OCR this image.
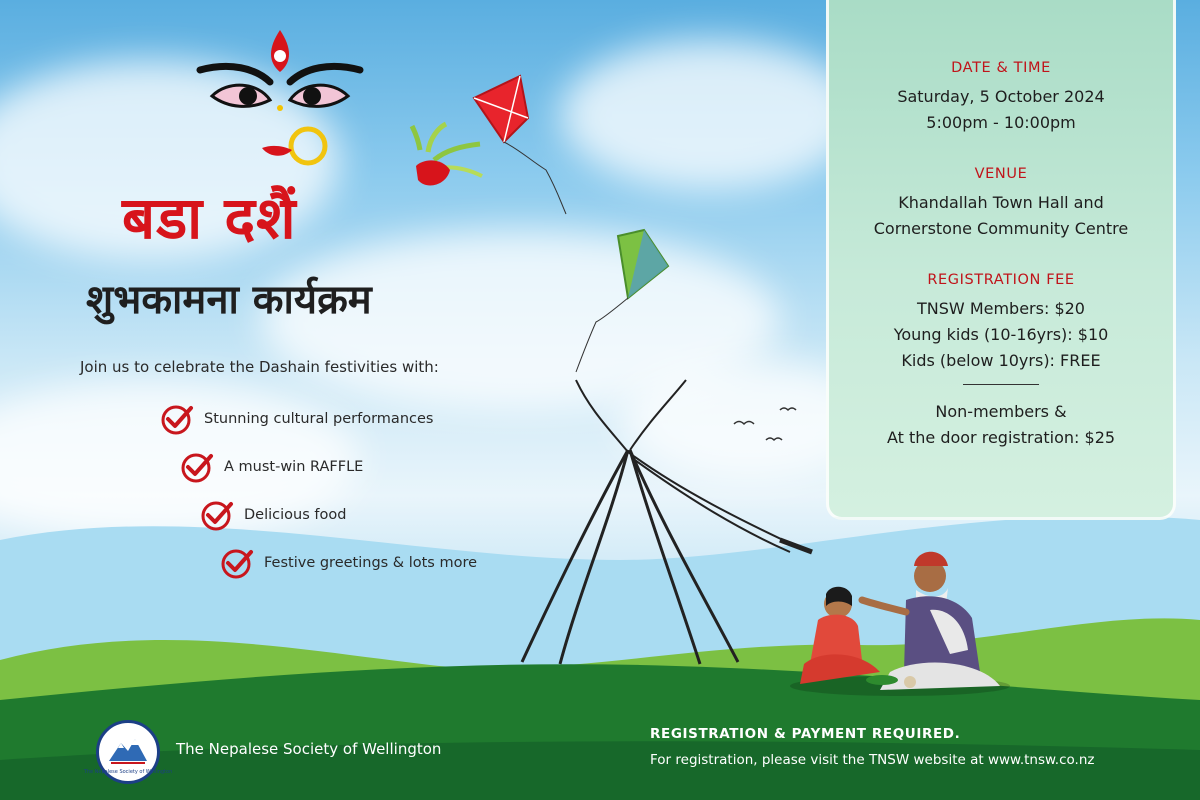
बडा दशैं
शुभकामना कार्यक्रम
Join us to celebrate the Dashain festivities with:
Stunning cultural performances
A must-win RAFFLE
Delicious food
Festive greetings & lots more
DATE & TIME
Saturday, 5 October 2024
5:00pm - 10:00pm
VENUE
Khandallah Town Hall and
Cornerstone Community Centre
REGISTRATION FEE
TNSW Members: $20
Young kids (10-16yrs): $10
Kids (below 10yrs): FREE
Non-members &
At the door registration: $25
The Nepalese Society of Wellington
The Nepalese Society of Wellington
REGISTRATION & PAYMENT REQUIRED.
For registration, please visit the TNSW website at www.tnsw.co.nz
